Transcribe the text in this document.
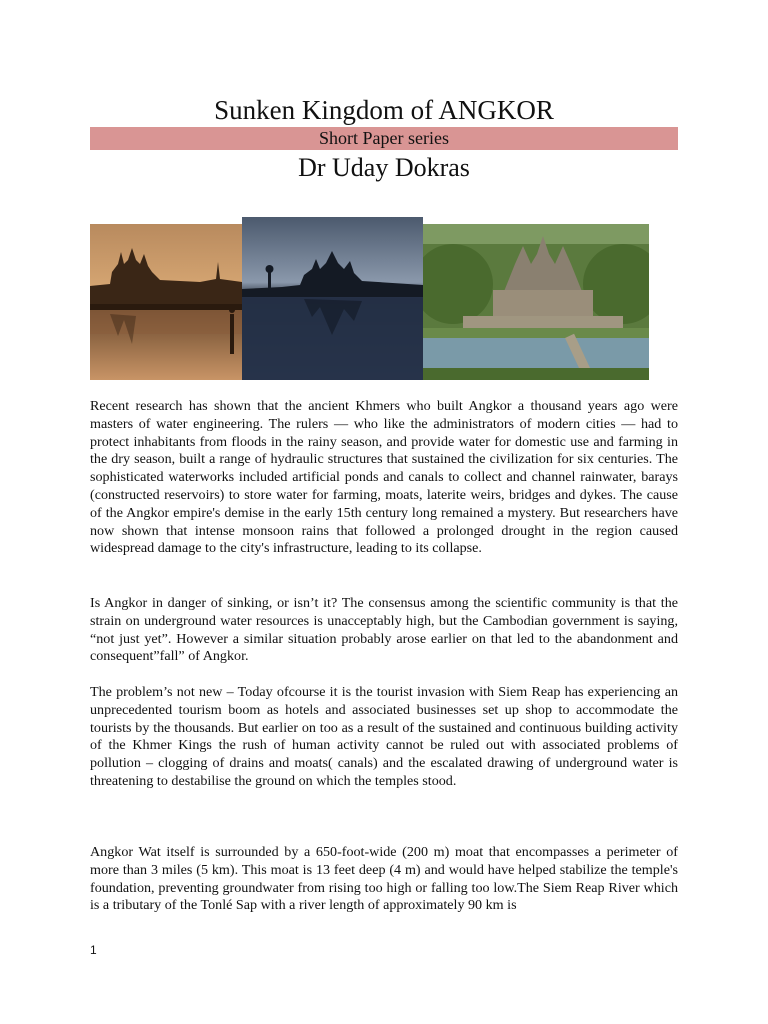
Sunken Kingdom of ANGKOR
Short Paper series
Dr Uday Dokras

Recent research has shown that the ancient Khmers who built Angkor a thousand years ago were masters of water engineering. The rulers — who like the administrators of modern cities — had to protect inhabitants from floods in the rainy season, and provide water for domestic use and farming in the dry season, built a range of hydraulic structures that sustained the civilization for six centuries. The sophisticated waterworks included artificial ponds and canals to collect and channel rainwater, barays (constructed reservoirs) to store water for farming, moats, laterite weirs, bridges and dykes. The cause of the Angkor empire's demise in the early 15th century long remained a mystery. But researchers have now shown that intense monsoon rains that followed a prolonged drought in the region caused widespread damage to the city's infrastructure, leading to its collapse.

Is Angkor in danger of sinking, or isn’t it? The consensus among the scientific community is that the strain on underground water resources is unacceptably high, but the Cambodian government is saying, “not just yet”. However a similar situation probably arose earlier on that led to the abandonment and consequent”fall” of Angkor.

The problem’s not new – Today ofcourse it is the tourist invasion with Siem Reap has experiencing an unprecedented tourism boom as hotels and associated businesses set up shop to accommodate the tourists by the thousands. But earlier on too as a result of the sustained and continuous building activity of the Khmer Kings the rush of human activity cannot be ruled out with associated problems of pollution – clogging of drains and moats( canals) and the escalated drawing of underground water is threatening to destabilise the ground on which the temples stood.

Angkor Wat itself is surrounded by a 650-foot-wide (200 m) moat that encompasses a perimeter of more than 3 miles (5 km). This moat is 13 feet deep (4 m) and would have helped stabilize the temple's foundation, preventing groundwater from rising too high or falling too low.The Siem Reap River which is a tributary of the Tonlé Sap with a river length of approximately 90 km is

1
